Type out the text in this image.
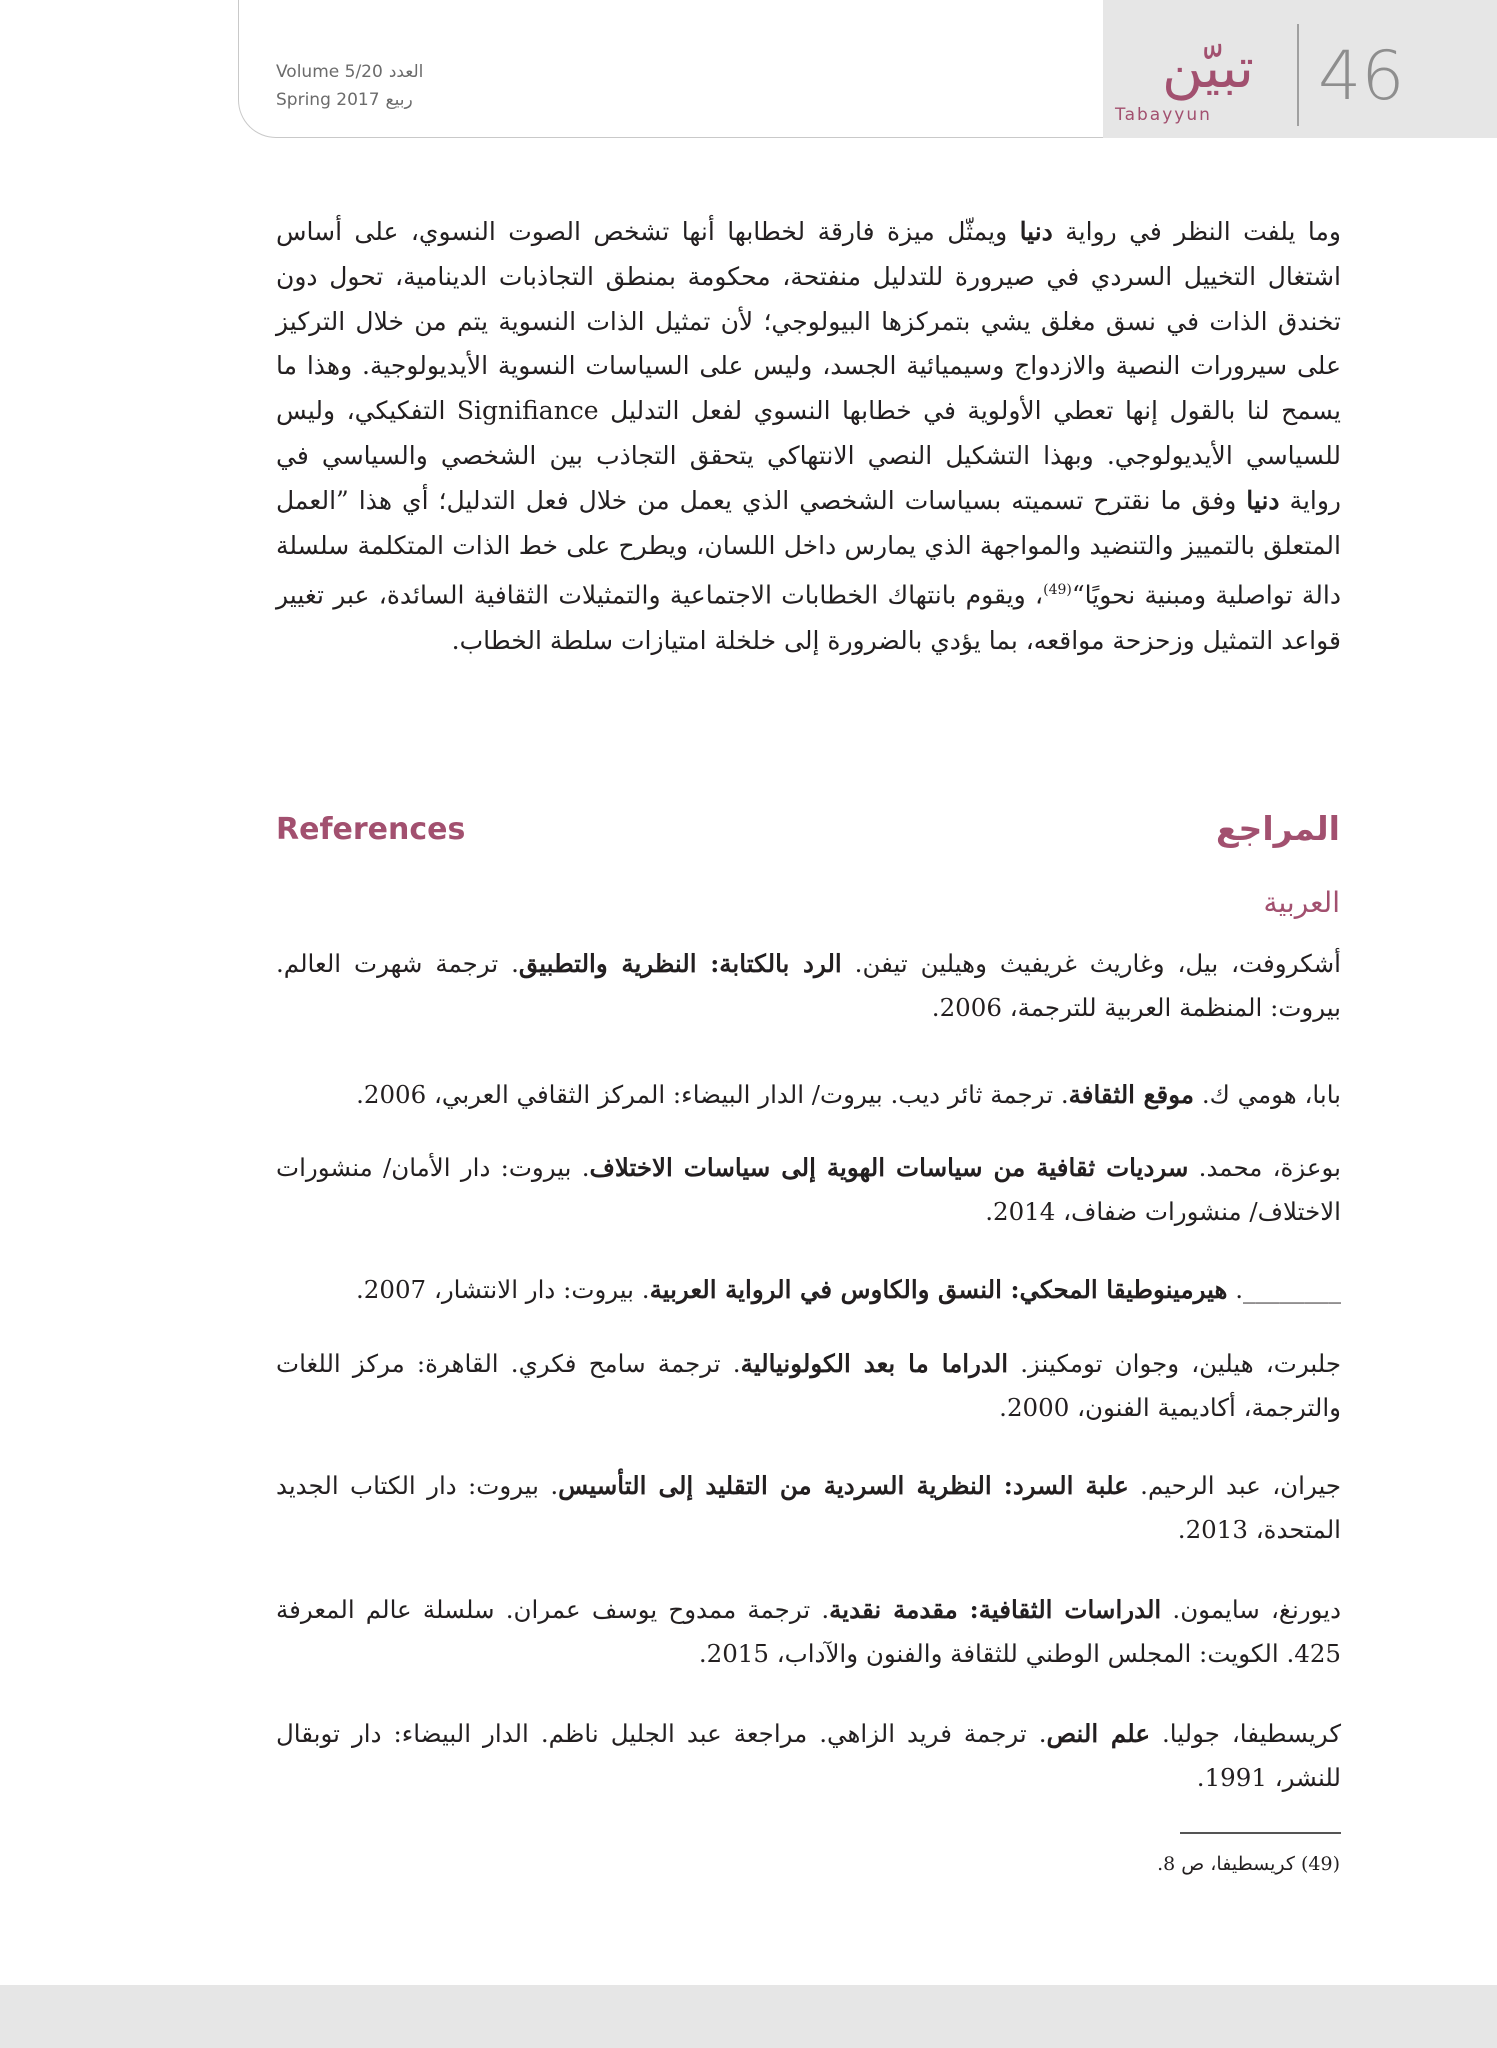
Volume 5/20 العدد
Spring 2017 ربيع	تبيّن
Tabayyun	46

وما يلفت النظر في رواية دنيا ويمثّل ميزة فارقة لخطابها أنها تشخص الصوت النسوي، على أساس اشتغال التخييل السردي في صيرورة للتدليل منفتحة، محكومة بمنطق التجاذبات الدينامية، تحول دون تخندق الذات في نسق مغلق يشي بتمركزها البيولوجي؛ لأن تمثيل الذات النسوية يتم من خلال التركيز على سيرورات النصية والازدواج وسيميائية الجسد، وليس على السياسات النسوية الأيديولوجية. وهذا ما يسمح لنا بالقول إنها تعطي الأولوية في خطابها النسوي لفعل التدليل Signifiance التفكيكي، وليس للسياسي الأيديولوجي. وبهذا التشكيل النصي الانتهاكي يتحقق التجاذب بين الشخصي والسياسي في رواية دنيا وفق ما نقترح تسميته بسياسات الشخصي الذي يعمل من خلال فعل التدليل؛ أي هذا ”العمل المتعلق بالتمييز والتنضيد والمواجهة الذي يمارس داخل اللسان، ويطرح على خط الذات المتكلمة سلسلة دالة تواصلية ومبنية نحويًا“$^{(49)}$، ويقوم بانتهاك الخطابات الاجتماعية والتمثيلات الثقافية السائدة، عبر تغيير قواعد التمثيل وزحزحة مواقعه، بما يؤدي بالضرورة إلى خلخلة امتيازات سلطة الخطاب.

References	المراجع
العربية

أشكروفت، بيل، وغاريث غريفيث وهيلين تيفن. الرد بالكتابة: النظرية والتطبيق. ترجمة شهرت العالم. بيروت: المنظمة العربية للترجمة، 2006.

بابا، هومي ك. موقع الثقافة. ترجمة ثائر ديب. بيروت/ الدار البيضاء: المركز الثقافي العربي، 2006.

بوعزة، محمد. سرديات ثقافية من سياسات الهوية إلى سياسات الاختلاف. بيروت: دار الأمان/ منشورات الاختلاف/ منشورات ضفاف، 2014.

________. هيرمينوطيقا المحكي: النسق والكاوس في الرواية العربية. بيروت: دار الانتشار، 2007.

جلبرت، هيلين، وجوان تومكينز. الدراما ما بعد الكولونيالية. ترجمة سامح فكري. القاهرة: مركز اللغات والترجمة، أكاديمية الفنون، 2000.

جيران، عبد الرحيم. علبة السرد: النظرية السردية من التقليد إلى التأسيس. بيروت: دار الكتاب الجديد المتحدة، 2013.

ديورنغ، سايمون. الدراسات الثقافية: مقدمة نقدية. ترجمة ممدوح يوسف عمران. سلسلة عالم المعرفة 425. الكويت: المجلس الوطني للثقافة والفنون والآداب، 2015.

كريسطيفا، جوليا. علم النص. ترجمة فريد الزاهي. مراجعة عبد الجليل ناظم. الدار البيضاء: دار توبقال للنشر، 1991.

(49) كريسطيفا، ص 8.
